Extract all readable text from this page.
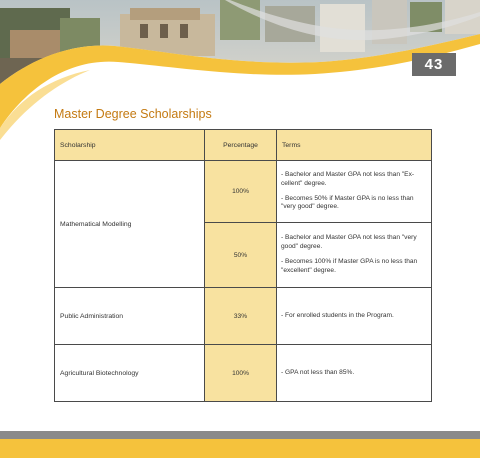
43
Master Degree Scholarships
Scholarship	Percentage	Terms
Mathematical Modelling	100%	- Bachelor and Master GPA not less than "Ex-cellent" degree.

- Becomes 50% if Master GPA is no less than "very good" degree.

	50%	- Bachelor and Master GPA not less than "very good" degree.

- Becomes 100% if Master GPA is no less than "excellent" degree.

Public Administration	33%	- For enrolled students in the Program.

Agricultural Biotechnology	100%	- GPA not less than 85%.
